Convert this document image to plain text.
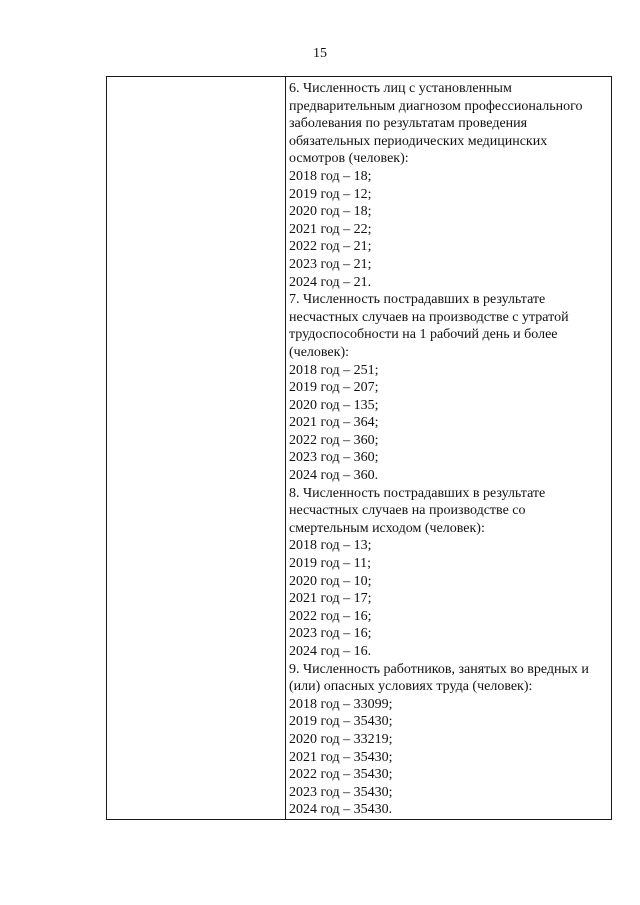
15

6. Численность лиц с установленным
предварительным диагнозом профессионального
заболевания по результатам проведения
обязательных периодических медицинских
осмотров (человек):
2018 год – 18;
2019 год – 12;
2020 год – 18;
2021 год – 22;
2022 год – 21;
2023 год – 21;
2024 год – 21.
7. Численность пострадавших в результате
несчастных случаев на производстве с утратой
трудоспособности на 1 рабочий день и более
(человек):
2018 год – 251;
2019 год – 207;
2020 год – 135;
2021 год – 364;
2022 год – 360;
2023 год – 360;
2024 год – 360.
8. Численность пострадавших в результате
несчастных случаев на производстве со
смертельным исходом (человек):
2018 год – 13;
2019 год – 11;
2020 год – 10;
2021 год – 17;
2022 год – 16;
2023 год – 16;
2024 год – 16.
9. Численность работников, занятых во вредных и
(или) опасных условиях труда (человек):
2018 год – 33099;
2019 год – 35430;
2020 год – 33219;
2021 год – 35430;
2022 год – 35430;
2023 год – 35430;
2024 год – 35430.
